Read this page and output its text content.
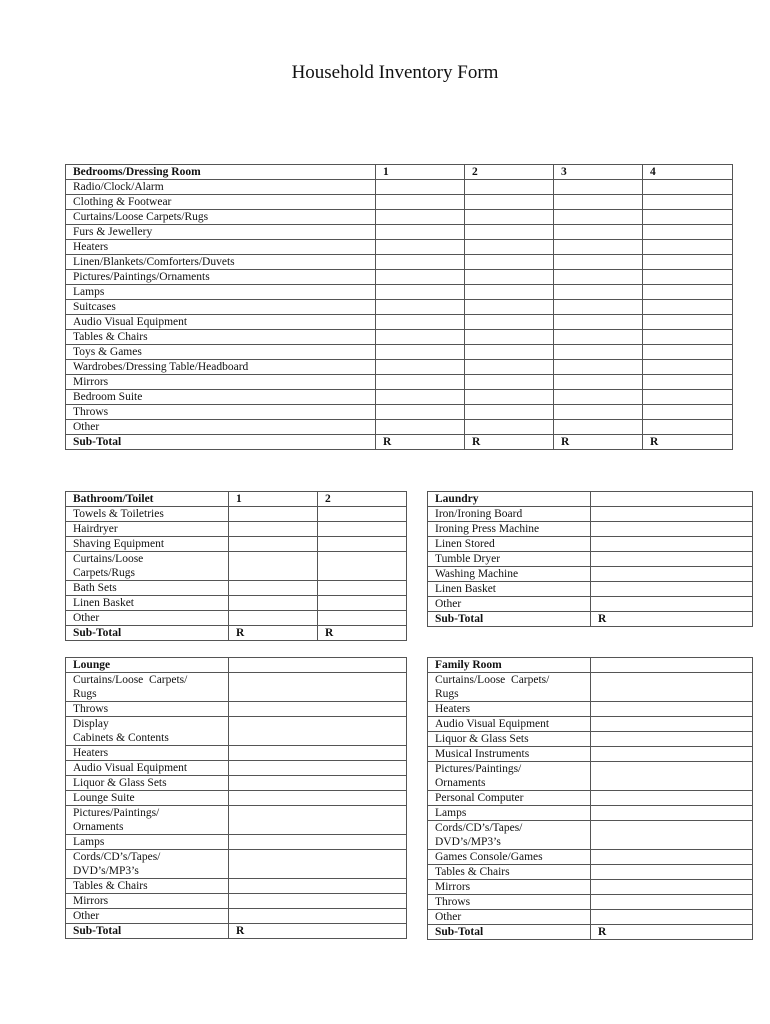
Household Inventory Form
Bedrooms/Dressing Room	1	2	3	4
Radio/Clock/Alarm				
Clothing & Footwear				
Curtains/Loose Carpets/Rugs				
Furs & Jewellery				
Heaters				
Linen/Blankets/Comforters/Duvets				
Pictures/Paintings/Ornaments				
Lamps				
Suitcases				
Audio Visual Equipment				
Tables & Chairs				
Toys & Games				
Wardrobes/Dressing Table/Headboard				
Mirrors				
Bedroom Suite				
Throws				
Other				
Sub-Total	R	R	R	R
Bathroom/Toilet	1	2
Towels & Toiletries		
Hairdryer		
Shaving Equipment		
Curtains/Loose
Carpets/Rugs		
Bath Sets		
Linen Basket		
Other		
Sub-Total	R	R
Laundry	
Iron/Ironing Board	
Ironing Press Machine	
Linen Stored	
Tumble Dryer	
Washing Machine	
Linen Basket	
Other	
Sub-Total	R
Lounge	
Curtains/Loose  Carpets/
Rugs	
Throws	
Display
Cabinets & Contents	
Heaters	
Audio Visual Equipment	
Liquor & Glass Sets	
Lounge Suite	
Pictures/Paintings/
Ornaments	
Lamps	
Cords/CD’s/Tapes/
DVD’s/MP3’s	
Tables & Chairs	
Mirrors	
Other	
Sub-Total	R
Family Room	
Curtains/Loose  Carpets/
Rugs	
Heaters	
Audio Visual Equipment	
Liquor & Glass Sets	
Musical Instruments	
Pictures/Paintings/
Ornaments	
Personal Computer	
Lamps	
Cords/CD’s/Tapes/
DVD’s/MP3’s	
Games Console/Games	
Tables & Chairs	
Mirrors	
Throws	
Other	
Sub-Total	R
